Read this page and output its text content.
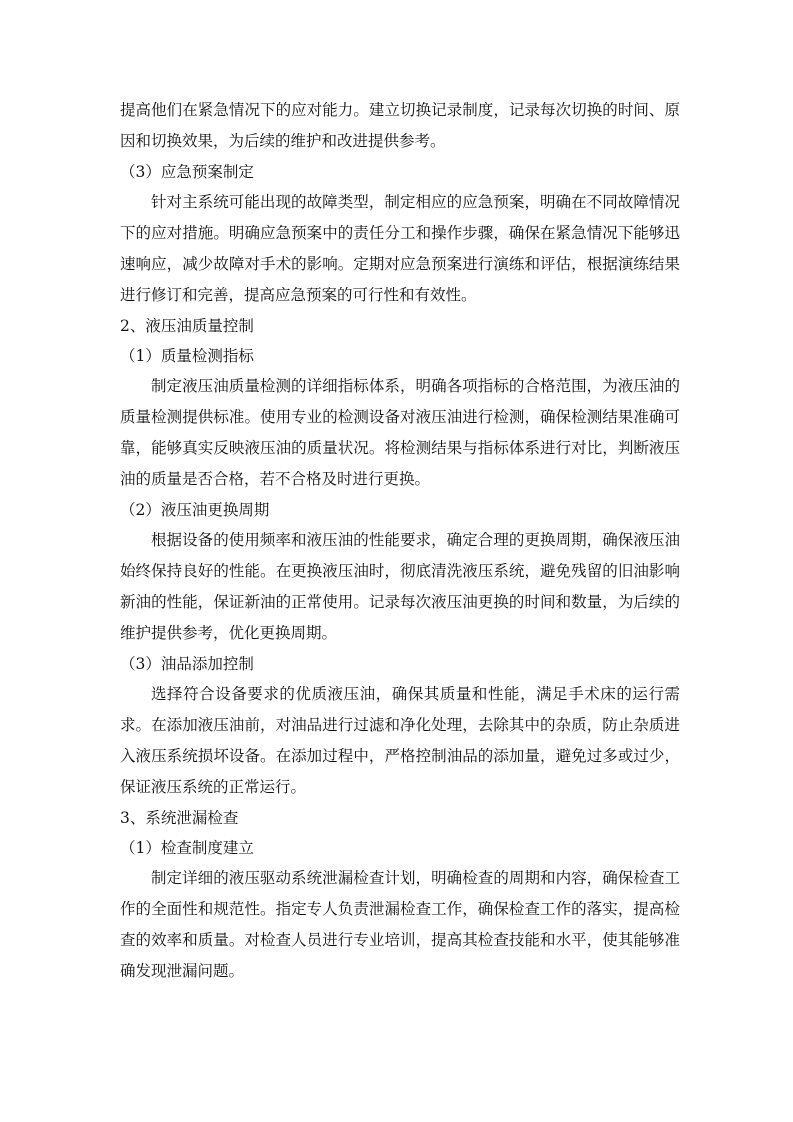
提高他们在紧急情况下的应对能力。建立切换记录制度，记录每次切换的时间、原因和切换效果，为后续的维护和改进提供参考。

（3）应急预案制定

针对主系统可能出现的故障类型，制定相应的应急预案，明确在不同故障情况下的应对措施。明确应急预案中的责任分工和操作步骤，确保在紧急情况下能够迅速响应，减少故障对手术的影响。定期对应急预案进行演练和评估，根据演练结果进行修订和完善，提高应急预案的可行性和有效性。

2、液压油质量控制
（1）质量检测指标

制定液压油质量检测的详细指标体系，明确各项指标的合格范围，为液压油的质量检测提供标准。使用专业的检测设备对液压油进行检测，确保检测结果准确可靠，能够真实反映液压油的质量状况。将检测结果与指标体系进行对比，判断液压油的质量是否合格，若不合格及时进行更换。

（2）液压油更换周期

根据设备的使用频率和液压油的性能要求，确定合理的更换周期，确保液压油始终保持良好的性能。在更换液压油时，彻底清洗液压系统，避免残留的旧油影响新油的性能，保证新油的正常使用。记录每次液压油更换的时间和数量，为后续的维护提供参考，优化更换周期。

（3）油品添加控制

选择符合设备要求的优质液压油，确保其质量和性能，满足手术床的运行需求。在添加液压油前，对油品进行过滤和净化处理，去除其中的杂质，防止杂质进入液压系统损坏设备。在添加过程中，严格控制油品的添加量，避免过多或过少，保证液压系统的正常运行。

3、系统泄漏检查
（1）检查制度建立

制定详细的液压驱动系统泄漏检查计划，明确检查的周期和内容，确保检查工作的全面性和规范性。指定专人负责泄漏检查工作，确保检查工作的落实，提高检查的效率和质量。对检查人员进行专业培训，提高其检查技能和水平，使其能够准确发现泄漏问题。
